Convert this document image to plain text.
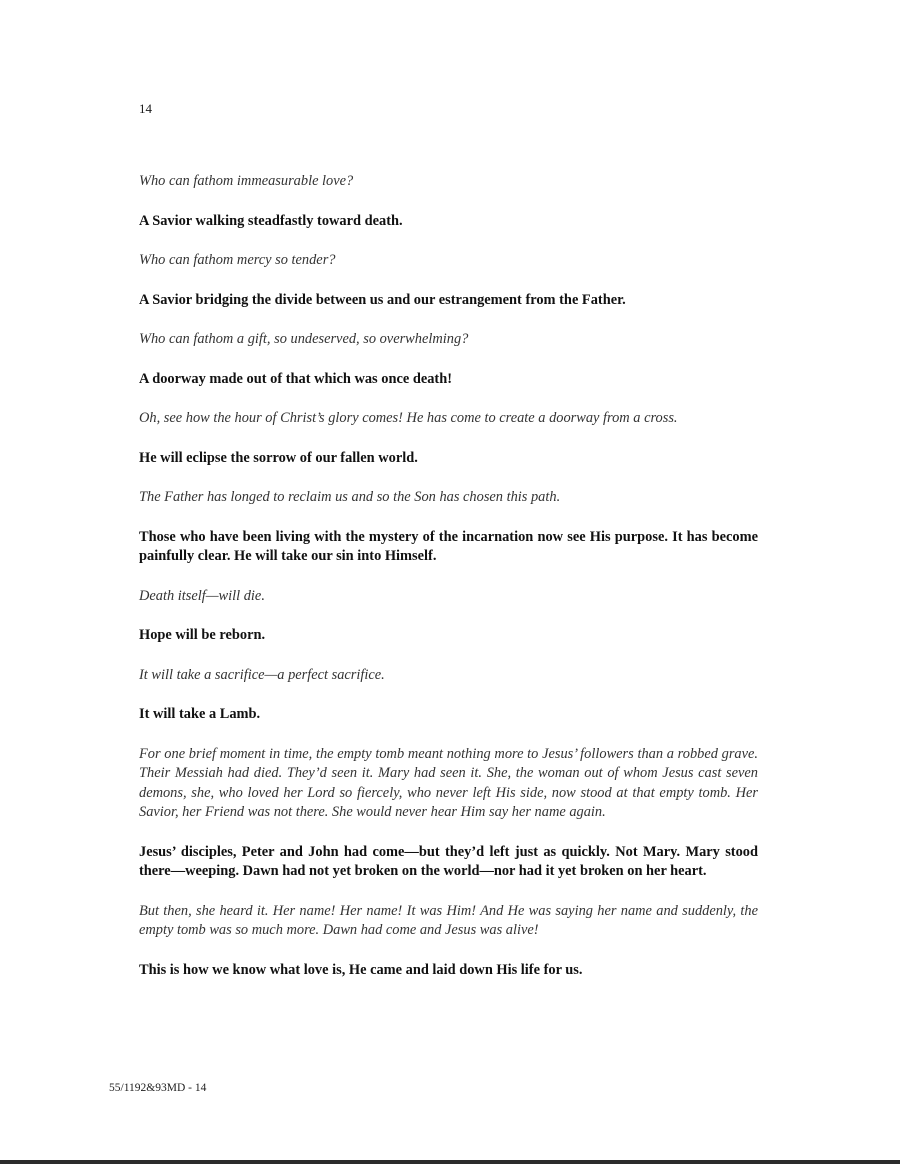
14

Who can fathom immeasurable love?

A Savior walking steadfastly toward death.

Who can fathom mercy so tender?

A Savior bridging the divide between us and our estrangement from the Father.

Who can fathom a gift, so undeserved, so overwhelming?

A doorway made out of that which was once death!

Oh, see how the hour of Christ’s glory comes! He has come to create a doorway from a cross.

He will eclipse the sorrow of our fallen world.

The Father has longed to reclaim us and so the Son has chosen this path.

Those who have been living with the mystery of the incarnation now see His purpose. It has become painfully clear. He will take our sin into Himself.

Death itself—will die.

Hope will be reborn.

It will take a sacrifice—a perfect sacrifice.

It will take a Lamb.

For one brief moment in time, the empty tomb meant nothing more to Jesus’ followers than a robbed grave. Their Messiah had died. They’d seen it. Mary had seen it. She, the woman out of whom Jesus cast seven demons, she, who loved her Lord so fiercely, who never left His side, now stood at that empty tomb. Her Savior, her Friend was not there. She would never hear Him say her name again.

Jesus’ disciples, Peter and John had come—but they’d left just as quickly. Not Mary. Mary stood there—weeping. Dawn had not yet broken on the world—nor had it yet broken on her heart.

But then, she heard it. Her name! Her name! It was Him! And He was saying her name and suddenly, the empty tomb was so much more. Dawn had come and Jesus was alive!

This is how we know what love is, He came and laid down His life for us.

55/1192&93MD - 14
